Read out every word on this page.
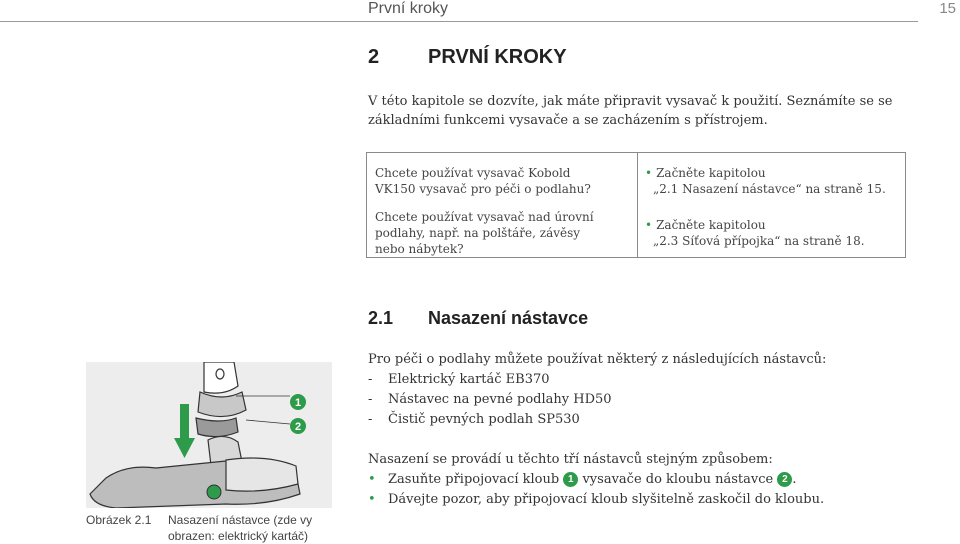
První kroky	15
2 PRVNÍ KROKY
V této kapitole se dozvíte, jak máte připravit vysavač k použití. Seznámíte se se základními funkcemi vysavače a se zacházením s přístrojem.
Chcete používat vysavač Kobold VK150 vysavač pro péči o podlahu?
Chcete používat vysavač nad úrovní podlahy, např. na polštáře, závěsy nebo nábytek?
• Začněte kapitolou
„2.1 Nasazení nástavce“ na straně 15.
• Začněte kapitolou
„2.3 Síťová přípojka“ na straně 18.
2.1 Nasazení nástavce
Pro péči o podlahy můžete používat některý z následujících nástavců:
- Elektrický kartáč EB370
- Nástavec na pevné podlahy HD50
- Čistič pevných podlah SP530
Nasazení se provádí u těchto tří nástavců stejným způsobem:
• Zasuňte připojovací kloub 1 vysavače do kloubu nástavce 2 .
• Dávejte pozor, aby připojovací kloub slyšitelně zaskočil do kloubu.
1
2
Obrázek 2.1 Nasazení nástavce (zde vy obrazen: elektrický kartáč)
